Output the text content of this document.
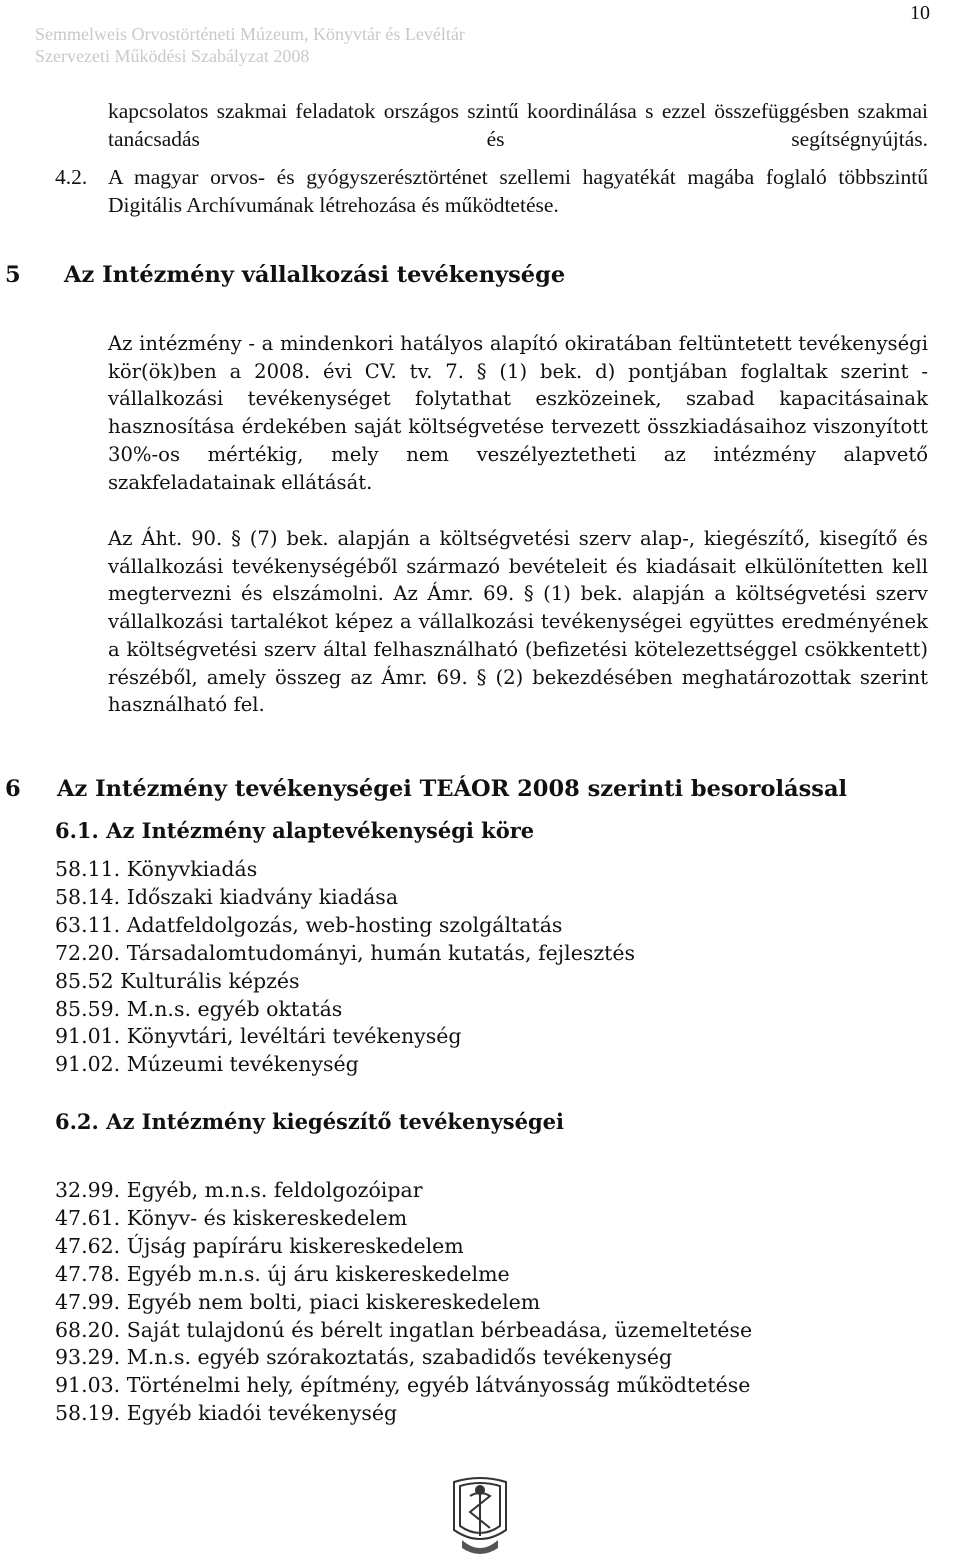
10
Semmelweis Orvostörténeti Múzeum, Könyvtár és Levéltár
Szervezeti Működési Szabályzat 2008

kapcsolatos szakmai feladatok országos szintű koordinálása s ezzel összefüggésben szakmai tanácsadás és segítségnyújtás.

4.2. A magyar orvos- és gyógyszerésztörténet szellemi hagyatékát magába foglaló többszintű Digitális Archívumának létrehozása és működtetése.
5 Az Intézmény vállalkozási tevékenysége

Az intézmény - a mindenkori hatályos alapító okiratában feltüntetett tevékenységi kör(ök)ben a 2008. évi CV. tv. 7. § (1) bek. d) pontjában foglaltak szerint - vállalkozási tevékenységet folytathat eszközeinek, szabad kapacitásainak hasznosítása érdekében saját költségvetése tervezett összkiadásaihoz viszonyított 30%-os mértékig, mely nem veszélyeztetheti az intézmény alapvető szakfeladatainak ellátását.

Az Áht. 90. § (7) bek. alapján a költségvetési szerv alap-, kiegészítő, kisegítő és vállalkozási tevékenységéből származó bevételeit és kiadásait elkülönítetten kell megtervezni és elszámolni. Az Ámr. 69. § (1) bek. alapján a költségvetési szerv vállalkozási tartalékot képez a vállalkozási tevékenységei együttes eredményének a költségvetési szerv által felhasználható (befizetési kötelezettséggel csökkentett) részéből, amely összeg az Ámr. 69. § (2) bekezdésében meghatározottak szerint használható fel.

6 Az Intézmény tevékenységei TEÁOR 2008 szerinti besorolással
6.1. Az Intézmény alaptevékenységi köre
58.11. Könyvkiadás
58.14. Időszaki kiadvány kiadása
63.11. Adatfeldolgozás, web-hosting szolgáltatás
72.20. Társadalomtudományi, humán kutatás, fejlesztés
85.52 Kulturális képzés
85.59. M.n.s. egyéb oktatás
91.01. Könyvtári, levéltári tevékenység
91.02. Múzeumi tevékenység
6.2. Az Intézmény kiegészítő tevékenységei
32.99. Egyéb, m.n.s. feldolgozóipar
47.61. Könyv- és kiskereskedelem
47.62. Újság papíráru kiskereskedelem
47.78. Egyéb m.n.s. új áru kiskereskedelme
47.99. Egyéb nem bolti, piaci kiskereskedelem
68.20. Saját tulajdonú és bérelt ingatlan bérbeadása, üzemeltetése
93.29. M.n.s. egyéb szórakoztatás, szabadidős tevékenység
91.03. Történelmi hely, építmény, egyéb látványosság működtetése
58.19. Egyéb kiadói tevékenység
